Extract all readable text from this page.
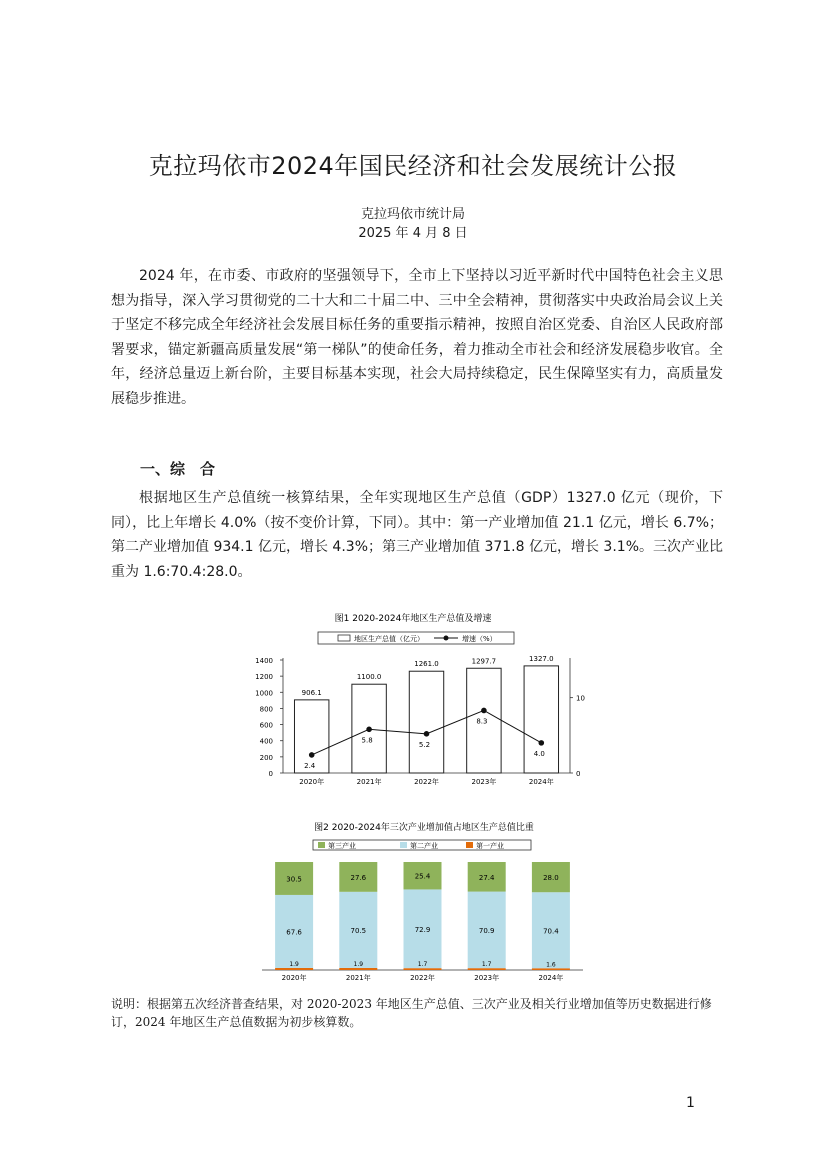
克拉玛依市2024年国民经济和社会发展统计公报
克拉玛依市统计局
2025 年 4 月 8 日
2024 年，在市委、市政府的坚强领导下，全市上下坚持以习近平新时代中国特色社会主义思想为指导，深入学习贯彻党的二十大和二十届二中、三中全会精神，贯彻落实中央政治局会议上关于坚定不移完成全年经济社会发展目标任务的重要指示精神，按照自治区党委、自治区人民政府部署要求，锚定新疆高质量发展“第一梯队”的使命任务，着力推动全市社会和经济发展稳步收官。全年，经济总量迈上新台阶，主要目标基本实现，社会大局持续稳定，民生保障坚实有力，高质量发展稳步推进。
一、综　合
根据地区生产总值统一核算结果，全年实现地区生产总值（GDP）1327.0 亿元（现价，下同），比上年增长 4.0%（按不变价计算，下同）。其中：第一产业增加值 21.1 亿元，增长 6.7%；第二产业增加值 934.1 亿元，增长 4.3%；第三产业增加值 371.8 亿元，增长 3.1%。三次产业比重为 1.6:70.4:28.0。
图1 2020-2024年地区生产总值及增速
地区生产总值（亿元）	增速（%）
0
200
400
600
800
1000
1200
1400
0
10
906.1
2020年
1100.0
2021年
1261.0
2022年
1297.7
2023年
1327.0
2024年
2.4
5.8
5.2
8.3
4.0
图2 2020-2024年三次产业增加值占地区生产总值比重
第三产业	第二产业	第一产业
30.5
67.6
1.9
2020年
27.6
70.5
1.9
2021年
25.4
72.9
1.7
2022年
27.4
70.9
1.7
2023年
28.0
70.4
1.6
2024年
说明：根据第五次经济普查结果，对 2020-2023 年地区生产总值、三次产业及相关行业增加值等历史数据进行修订，2024 年地区生产总值数据为初步核算数。
1
